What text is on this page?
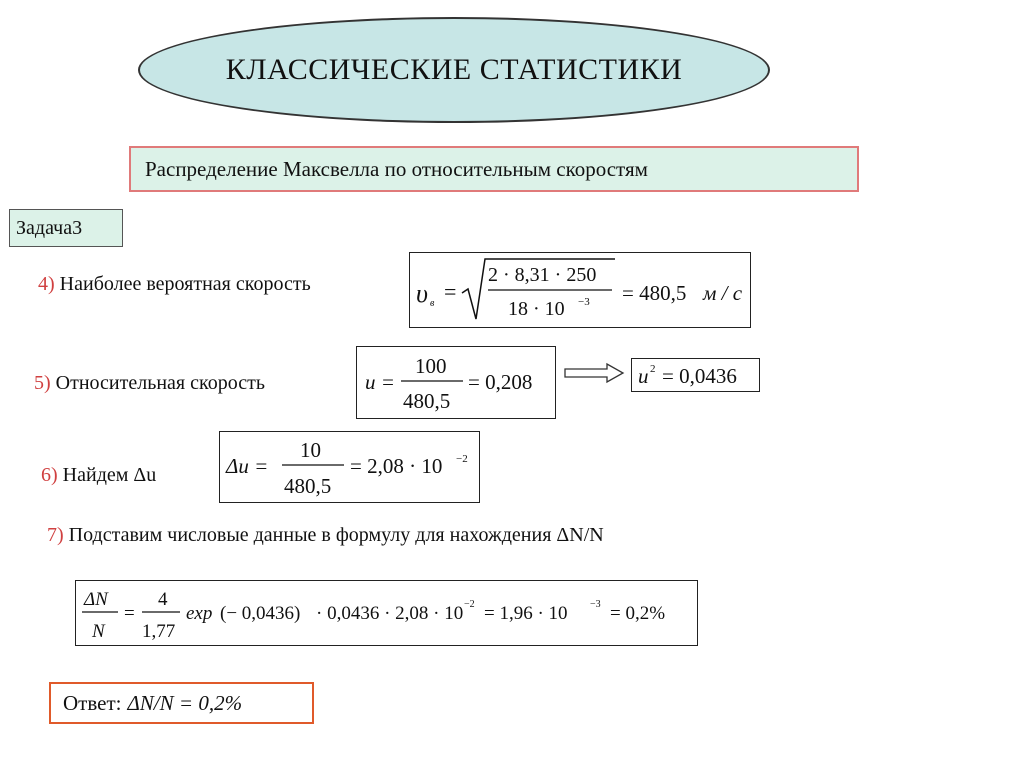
КЛАССИЧЕСКИЕ СТАТИСТИКИ
Распределение Максвелла по относительным скоростям
Задача3
4) Наиболее вероятная скорость	υ в =
2 · 8,31 · 250
18 · 10 −3 = 480,5 м / с
5) Относительная скорость	u =
100
480,5
= 0,208	u 2 = 0,0436
6) Найдем Δu	Δu =
10
480,5
= 2,08 · 10 −2
7) Подставим числовые данные в формулу для нахождения ΔN/N
ΔN
N
=
4
1,77
exp (− 0,0436) · 0,0436 · 2,08 · 10 −2 = 1,96 · 10 −3 = 0,2%
Ответ: ΔN/N = 0,2%
